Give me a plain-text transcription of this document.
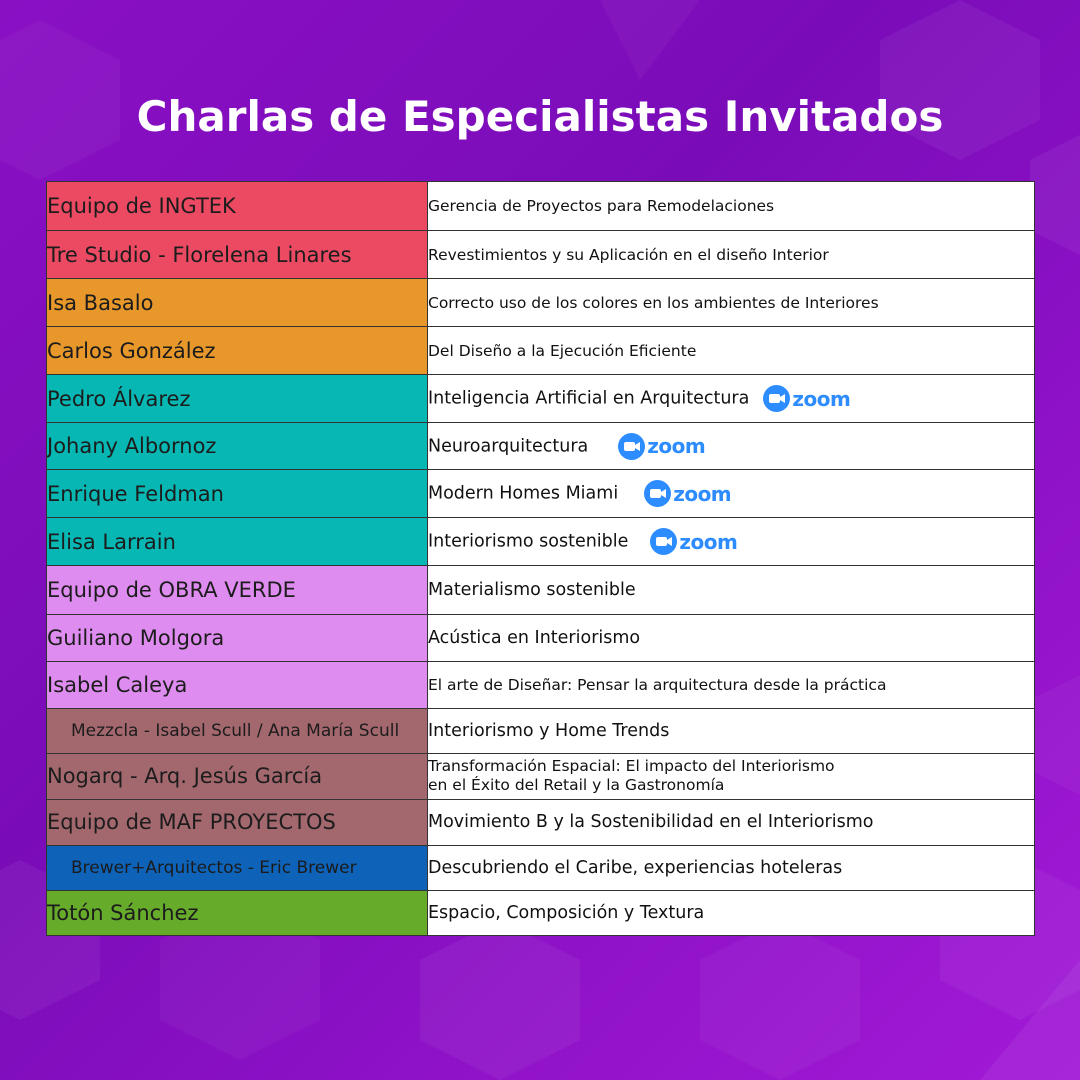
Charlas de Especialistas Invitados
Equipo de INGTEK	Gerencia de Proyectos para Remodelaciones
Tre Studio - Florelena Linares	Revestimientos y su Aplicación en el diseño Interior
Isa Basalo	Correcto uso de los colores en los ambientes de Interiores
Carlos González	Del Diseño a la Ejecución Eficiente
Pedro Álvarez	Inteligencia Artificial en Arquitectura zoom

Johany Albornoz	Neuroarquitectura zoom

Enrique Feldman	Modern Homes Miami zoom

Elisa Larrain	Interiorismo sostenible zoom

Equipo de OBRA VERDE	Materialismo sostenible
Guiliano Molgora	Acústica en Interiorismo
Isabel Caleya	El arte de Diseñar: Pensar la arquitectura desde la práctica
Mezzcla - Isabel Scull / Ana María Scull	Interiorismo y Home Trends
Nogarq - Arq. Jesús García	Transformación Espacial: El impacto del Interiorismo
en el Éxito del Retail y la Gastronomía

Equipo de MAF PROYECTOS	Movimiento B y la Sostenibilidad en el Interiorismo
Brewer+Arquitectos - Eric Brewer	Descubriendo el Caribe, experiencias hoteleras
Totón Sánchez	Espacio, Composición y Textura
